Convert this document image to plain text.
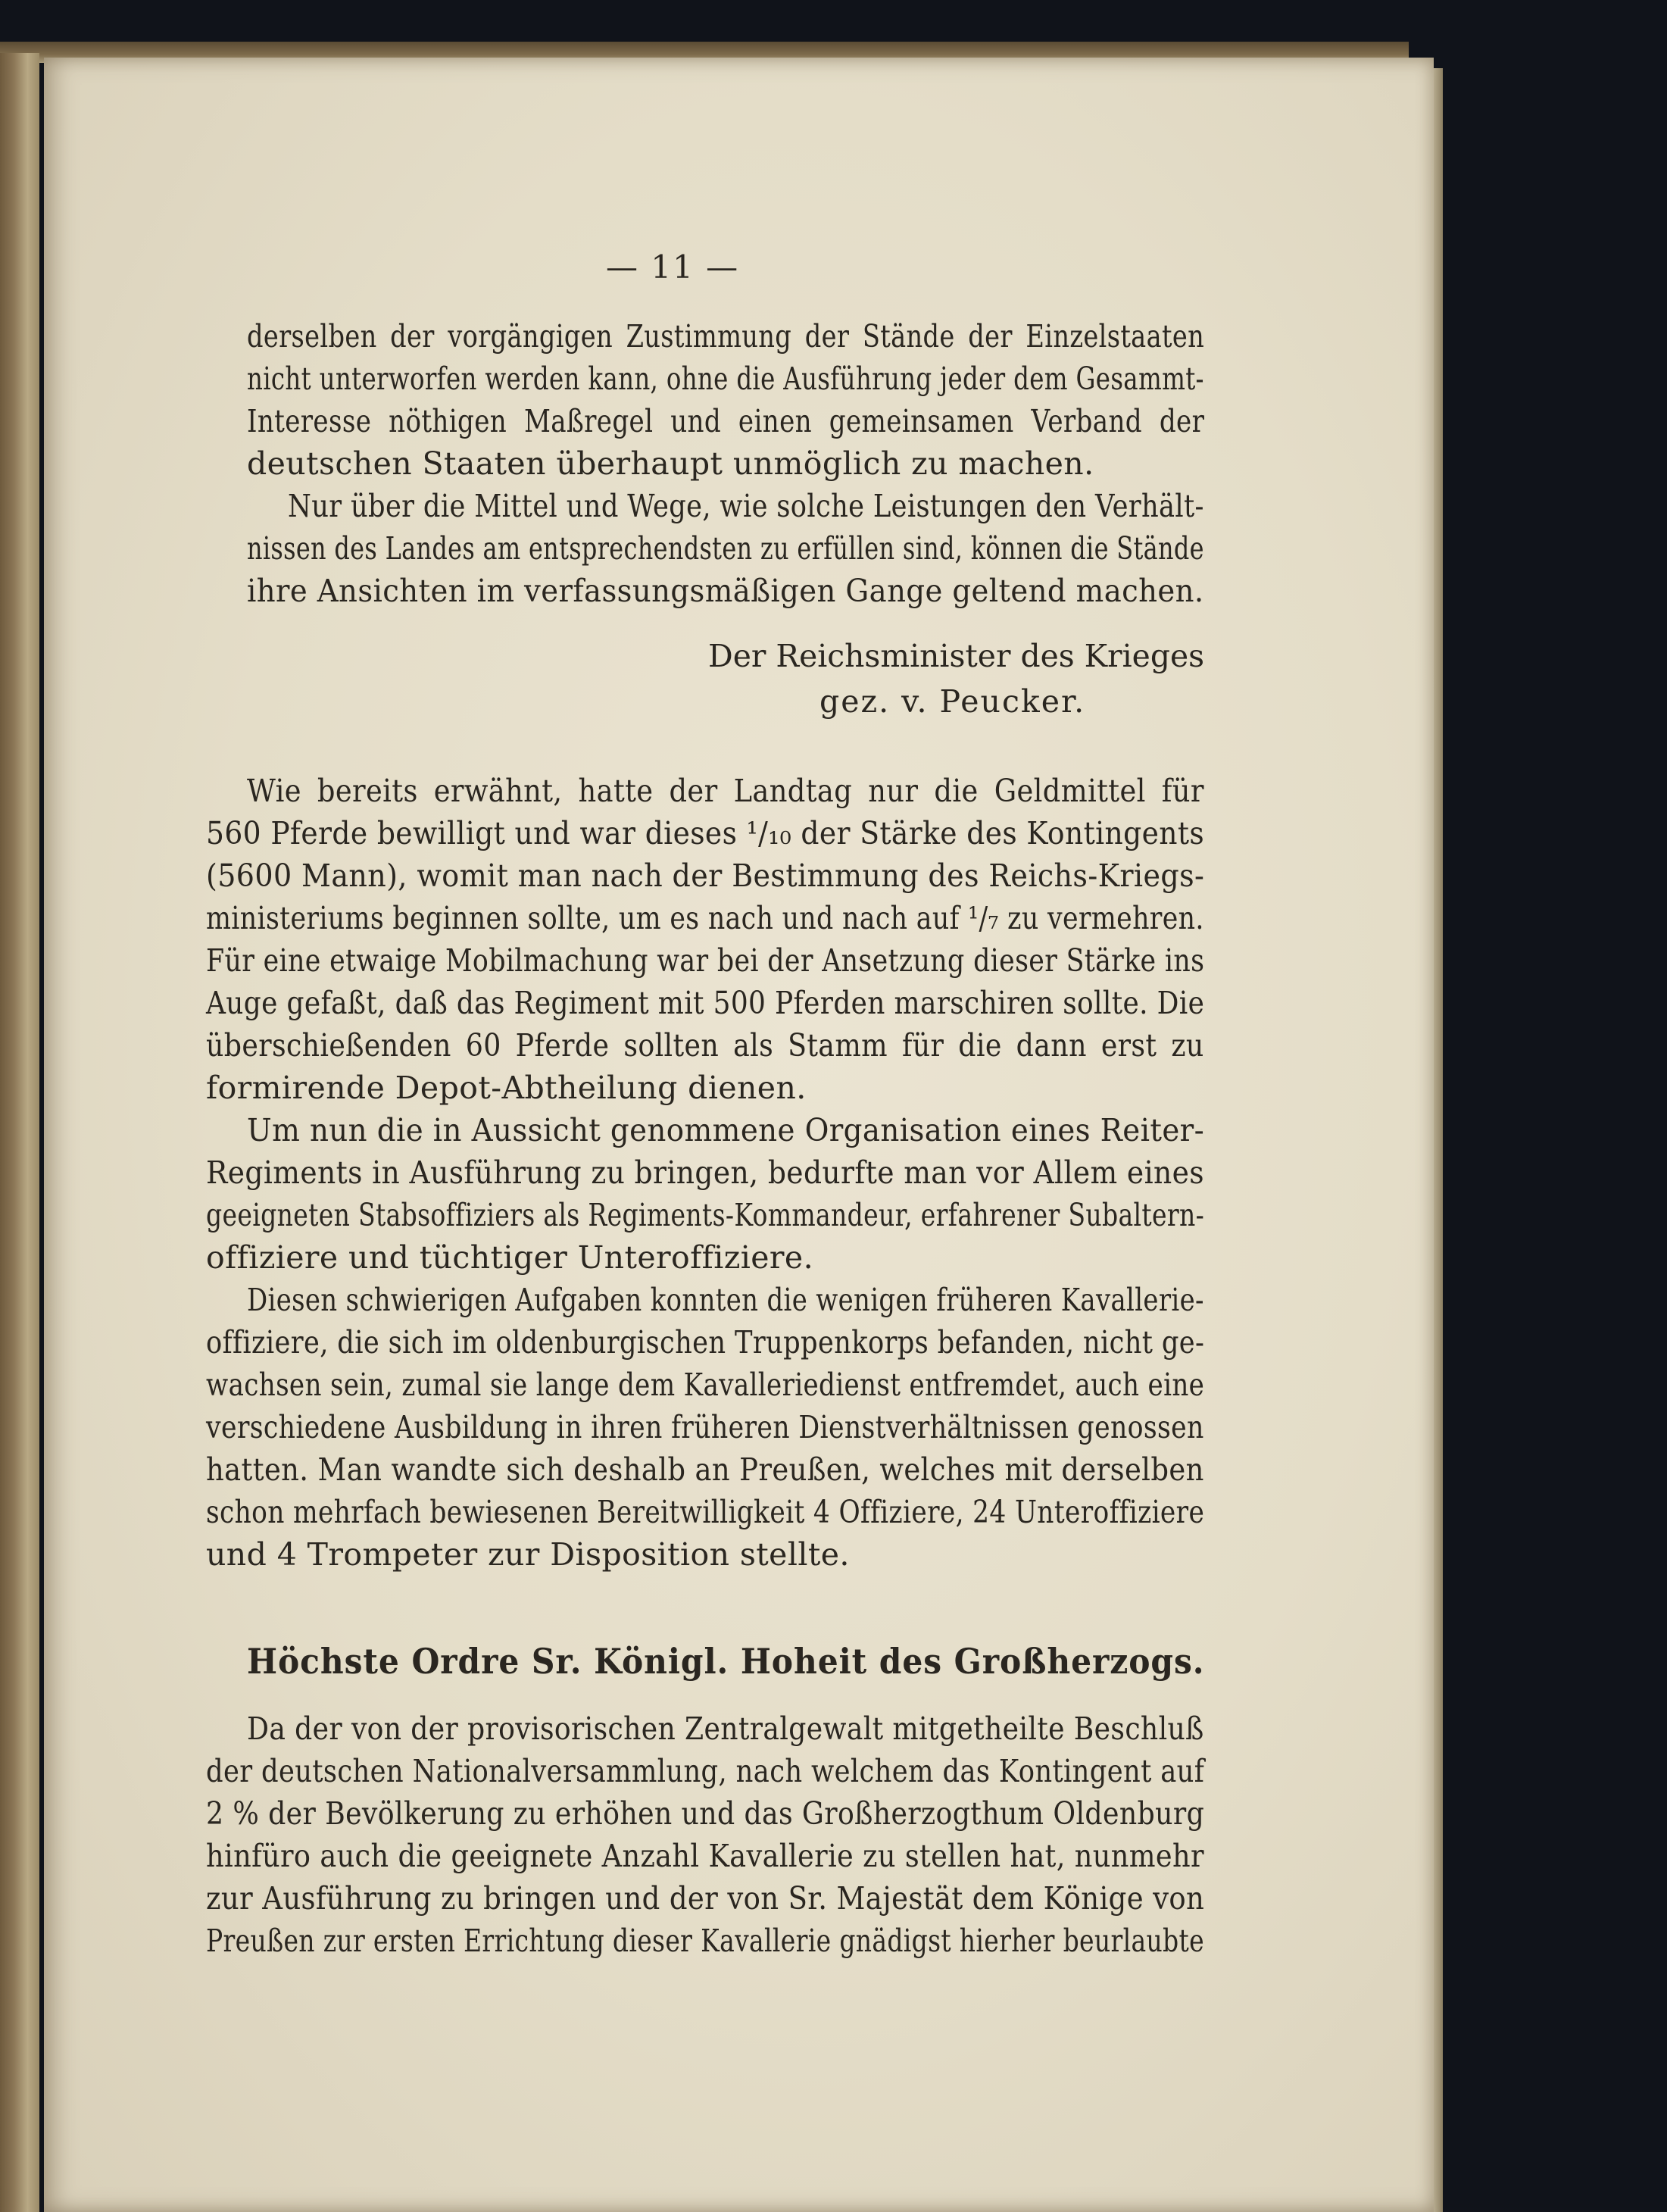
— 11 —
derselben der vorgängigen Zustimmung der Stände der Einzelstaaten
nicht unterworfen werden kann, ohne die Ausführung jeder dem Gesammt-
Interesse nöthigen Maßregel und einen gemeinsamen Verband der
deutschen Staaten überhaupt unmöglich zu machen.
Nur über die Mittel und Wege, wie solche Leistungen den Verhält-
nissen des Landes am entsprechendsten zu erfüllen sind, können die Stände
ihre Ansichten im verfassungsmäßigen Gange geltend machen.
Der Reichsminister des Krieges
gez. v. Peucker.
Wie bereits erwähnt, hatte der Landtag nur die Geldmittel für
560 Pferde bewilligt und war dieses ¹/₁₀ der Stärke des Kontingents
(5600 Mann), womit man nach der Bestimmung des Reichs-Kriegs-
ministeriums beginnen sollte, um es nach und nach auf ¹/₇ zu vermehren.
Für eine etwaige Mobilmachung war bei der Ansetzung dieser Stärke ins
Auge gefaßt, daß das Regiment mit 500 Pferden marschiren sollte. Die
überschießenden 60 Pferde sollten als Stamm für die dann erst zu
formirende Depot-Abtheilung dienen.
Um nun die in Aussicht genommene Organisation eines Reiter-
Regiments in Ausführung zu bringen, bedurfte man vor Allem eines
geeigneten Stabsoffiziers als Regiments-Kommandeur, erfahrener Subaltern-
offiziere und tüchtiger Unteroffiziere.
Diesen schwierigen Aufgaben konnten die wenigen früheren Kavallerie-
offiziere, die sich im oldenburgischen Truppenkorps befanden, nicht ge-
wachsen sein, zumal sie lange dem Kavalleriedienst entfremdet, auch eine
verschiedene Ausbildung in ihren früheren Dienstverhältnissen genossen
hatten. Man wandte sich deshalb an Preußen, welches mit derselben
schon mehrfach bewiesenen Bereitwilligkeit 4 Offiziere, 24 Unteroffiziere
und 4 Trompeter zur Disposition stellte.
Höchste Ordre Sr. Königl. Hoheit des Großherzogs.
Da der von der provisorischen Zentralgewalt mitgetheilte Beschluß
der deutschen Nationalversammlung, nach welchem das Kontingent auf
2 % der Bevölkerung zu erhöhen und das Großherzogthum Oldenburg
hinfüro auch die geeignete Anzahl Kavallerie zu stellen hat, nunmehr
zur Ausführung zu bringen und der von Sr. Majestät dem Könige von
Preußen zur ersten Errichtung dieser Kavallerie gnädigst hierher beurlaubte
